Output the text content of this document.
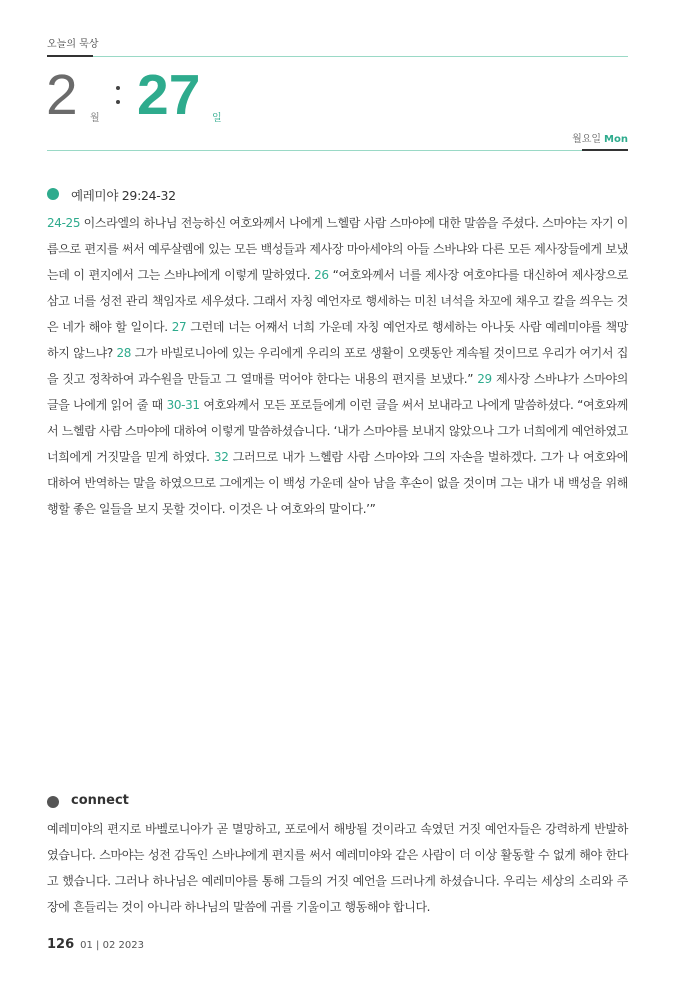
오늘의 묵상
2 월 27 일
월요일 Mon
예레미야 29:24-32

24-25 이스라엘의 하나님 전능하신 여호와께서 나에게 느헬람 사람 스마야에 대한 말씀을 주셨다. 스마야는 자기 이름으로 편지를 써서 예루살렘에 있는 모든 백성들과 제사장 마아세야의 아들 스바냐와 다른 모든 제사장들에게 보냈는데 이 편지에서 그는 스바냐에게 이렇게 말하였다. 26 “여호와께서 너를 제사장 여호야다를 대신하여 제사장으로 삼고 너를 성전 관리 책임자로 세우셨다. 그래서 자칭 예언자로 행세하는 미친 녀석을 차꼬에 채우고 칼을 씌우는 것은 네가 해야 할 일이다. 27 그런데 너는 어째서 너희 가운데 자칭 예언자로 행세하는 아나돗 사람 예레미야를 책망하지 않느냐? 28 그가 바빌로니아에 있는 우리에게 우리의 포로 생활이 오랫동안 계속될 것이므로 우리가 여기서 집을 짓고 정착하여 과수원을 만들고 그 열매를 먹어야 한다는 내용의 편지를 보냈다.” 29 제사장 스바냐가 스마야의 글을 나에게 읽어 줄 때 30-31 여호와께서 모든 포로들에게 이런 글을 써서 보내라고 나에게 말씀하셨다. “여호와께서 느헬람 사람 스마야에 대하여 이렇게 말씀하셨습니다. ‘내가 스마야를 보내지 않았으나 그가 너희에게 예언하였고 너희에게 거짓말을 믿게 하였다. 32 그러므로 내가 느헬람 사람 스마야와 그의 자손을 벌하겠다. 그가 나 여호와에 대하여 반역하는 말을 하였으므로 그에게는 이 백성 가운데 살아 남을 후손이 없을 것이며 그는 내가 내 백성을 위해 행할 좋은 일들을 보지 못할 것이다. 이것은 나 여호와의 말이다.’”

connect

예레미야의 편지로 바벨로니아가 곧 멸망하고, 포로에서 해방될 것이라고 속였던 거짓 예언자들은 강력하게 반발하였습니다. 스마야는 성전 감독인 스바냐에게 편지를 써서 예레미야와 같은 사람이 더 이상 활동할 수 없게 해야 한다고 했습니다. 그러나 하나님은 예레미야를 통해 그들의 거짓 예언을 드러나게 하셨습니다. 우리는 세상의 소리와 주장에 흔들리는 것이 아니라 하나님의 말씀에 귀를 기울이고 행동해야 합니다.

126 01 | 02 2023
